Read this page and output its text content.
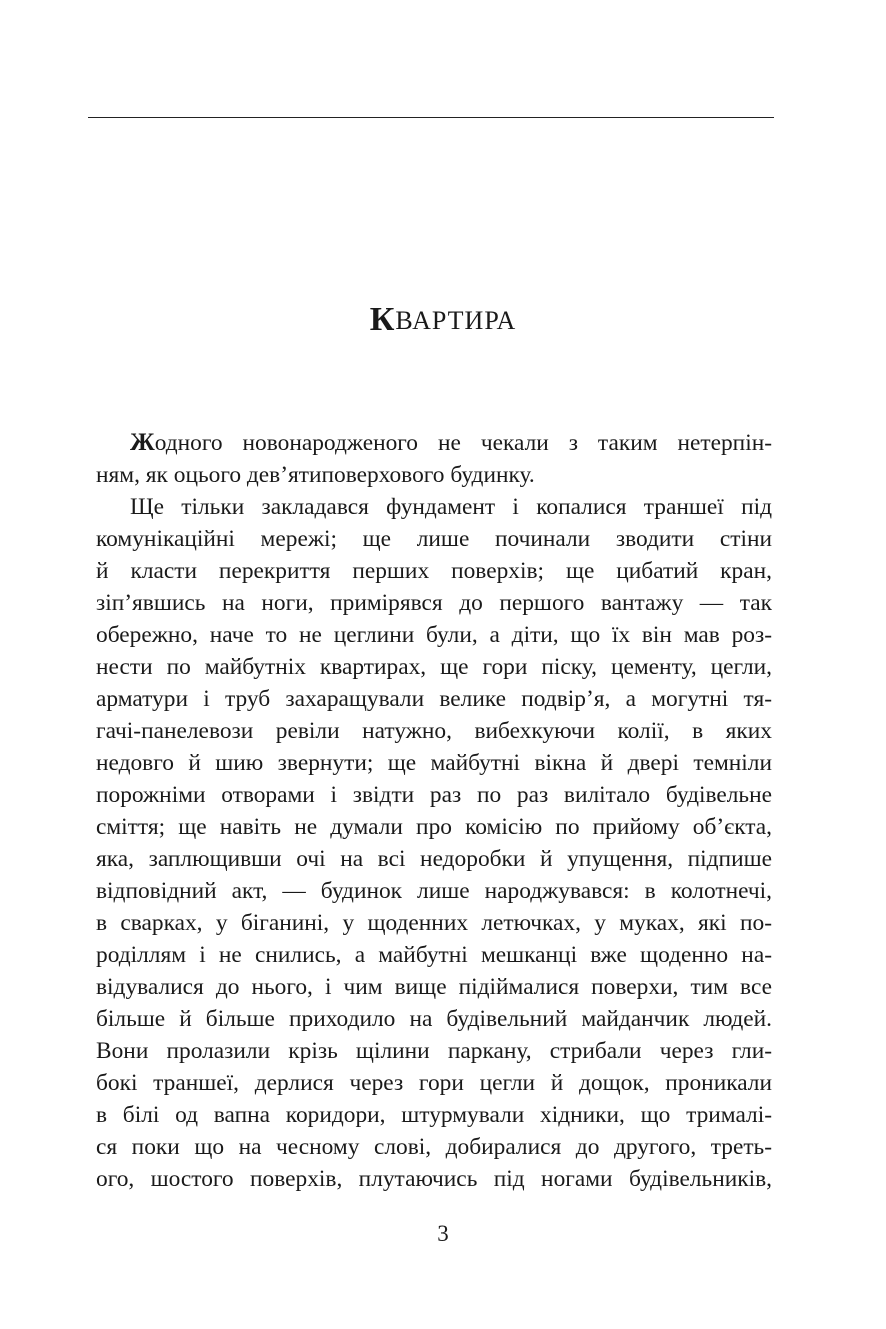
КВАРТИРА
Жодного новонародженого не чекали з таким нетерпін-
ням, як оцього дев’ятиповерхового будинку.
Ще тільки закладався фундамент і копалися траншеї під
комунікаційні мережі; ще лише починали зводити стіни
й класти перекриття перших поверхів; ще цибатий кран,
зіп’явшись на ноги, примірявся до першого вантажу — так
обережно, наче то не цеглини були, а діти, що їх він мав роз-
нести по майбутніх квартирах, ще гори піску, цементу, цегли,
арматури і труб захаращували велике подвір’я, а могутні тя-
гачі-панелевози ревіли натужно, вибехкуючи колії, в яких
недовго й шию звернути; ще майбутні вікна й двері темніли
порожніми отворами і звідти раз по раз вилітало будівельне
сміття; ще навіть не думали про комісію по прийому об’єкта,
яка, заплющивши очі на всі недоробки й упущення, підпише
відповідний акт, — будинок лише народжувався: в колотнечі,
в сварках, у біганині, у щоденних летючках, у муках, які по-
роділлям і не снились, а майбутні мешканці вже щоденно на-
відувалися до нього, і чим вище підіймалися поверхи, тим все
більше й більше приходило на будівельний майданчик людей.
Вони пролазили крізь щілини паркану, стрибали через гли-
бокі траншеї, дерлися через гори цегли й дощок, проникали
в білі од вапна коридори, штурмували хідники, що трималі-
ся поки що на чесному слові, добиралися до другого, треть-
ого, шостого поверхів, плутаючись під ногами будівельників,
3
